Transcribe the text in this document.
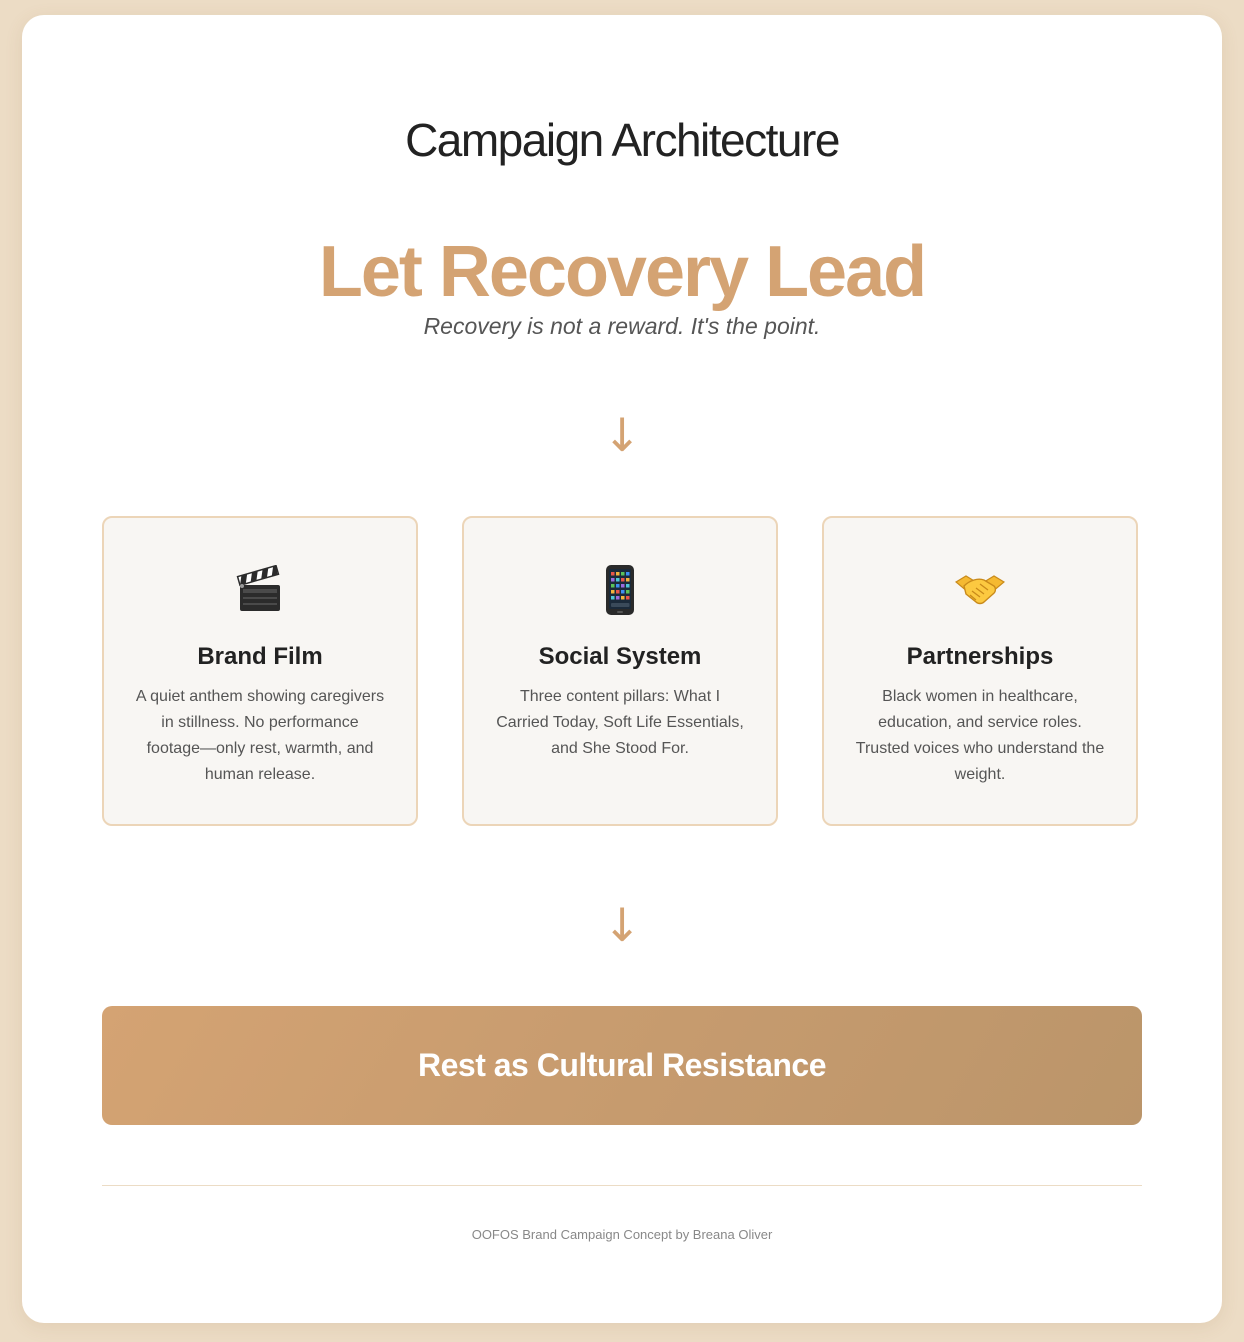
Campaign Architecture
Let Recovery Lead
Recovery is not a reward. It's the point.
↓
Brand Film
A quiet anthem showing caregivers in stillness. No performance footage—only rest, warmth, and human release.
Social System
Three content pillars: What I Carried Today, Soft Life Essentials, and She Stood For.
Partnerships
Black women in healthcare, education, and service roles. Trusted voices who understand the weight.
↓
Rest as Cultural Resistance
OOFOS Brand Campaign Concept by Breana Oliver
